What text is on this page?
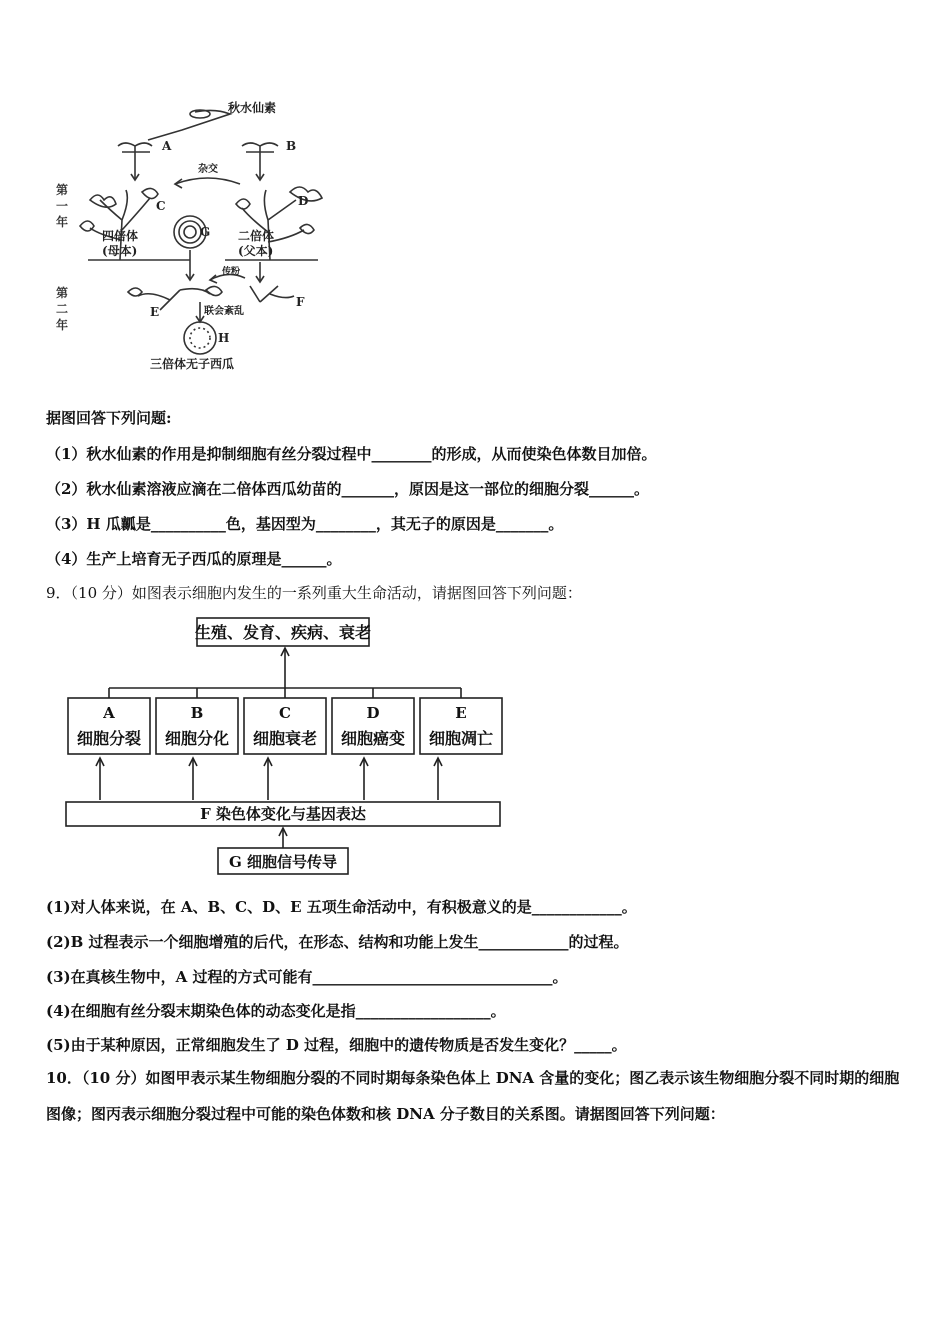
秋水仙素
A	B
杂交
C	D
G
四倍体
(母本)
二倍体
(父本)
传粉
E
F
联会紊乱
H
三倍体无子西瓜
第一年
第二年
据图回答下列问题:
（1）秋水仙素的作用是抑制细胞有丝分裂过程中________的形成，从而使染色体数目加倍。
（2）秋水仙素溶液应滴在二倍体西瓜幼苗的_______，原因是这一部位的细胞分裂______。
（3）H 瓜瓤是__________色，基因型为________，其无子的原因是_______。
（4）生产上培育无子西瓜的原理是______。
9．（10 分）如图表示细胞内发生的一系列重大生命活动，请据图回答下列问题：
生殖、发育、疾病、衰老
A
细胞分裂
B
细胞分化
C
细胞衰老
D
细胞癌变
E
细胞凋亡
F 染色体变化与基因表达
G 细胞信号传导
(1)对人体来说，在 A、B、C、D、E 五项生命活动中，有积极意义的是____________。
(2)B 过程表示一个细胞增殖的后代，在形态、结构和功能上发生____________的过程。
(3)在真核生物中，A 过程的方式可能有________________________________。
(4)在细胞有丝分裂末期染色体的动态变化是指__________________。
(5)由于某种原因，正常细胞发生了 D 过程，细胞中的遗传物质是否发生变化？_____。
10．（10 分）如图甲表示某生物细胞分裂的不同时期每条染色体上 DNA 含量的变化；图乙表示该生物细胞分裂不同时期的细胞图像；图丙表示细胞分裂过程中可能的染色体数和核 DNA 分子数目的关系图。请据图回答下列问题：
